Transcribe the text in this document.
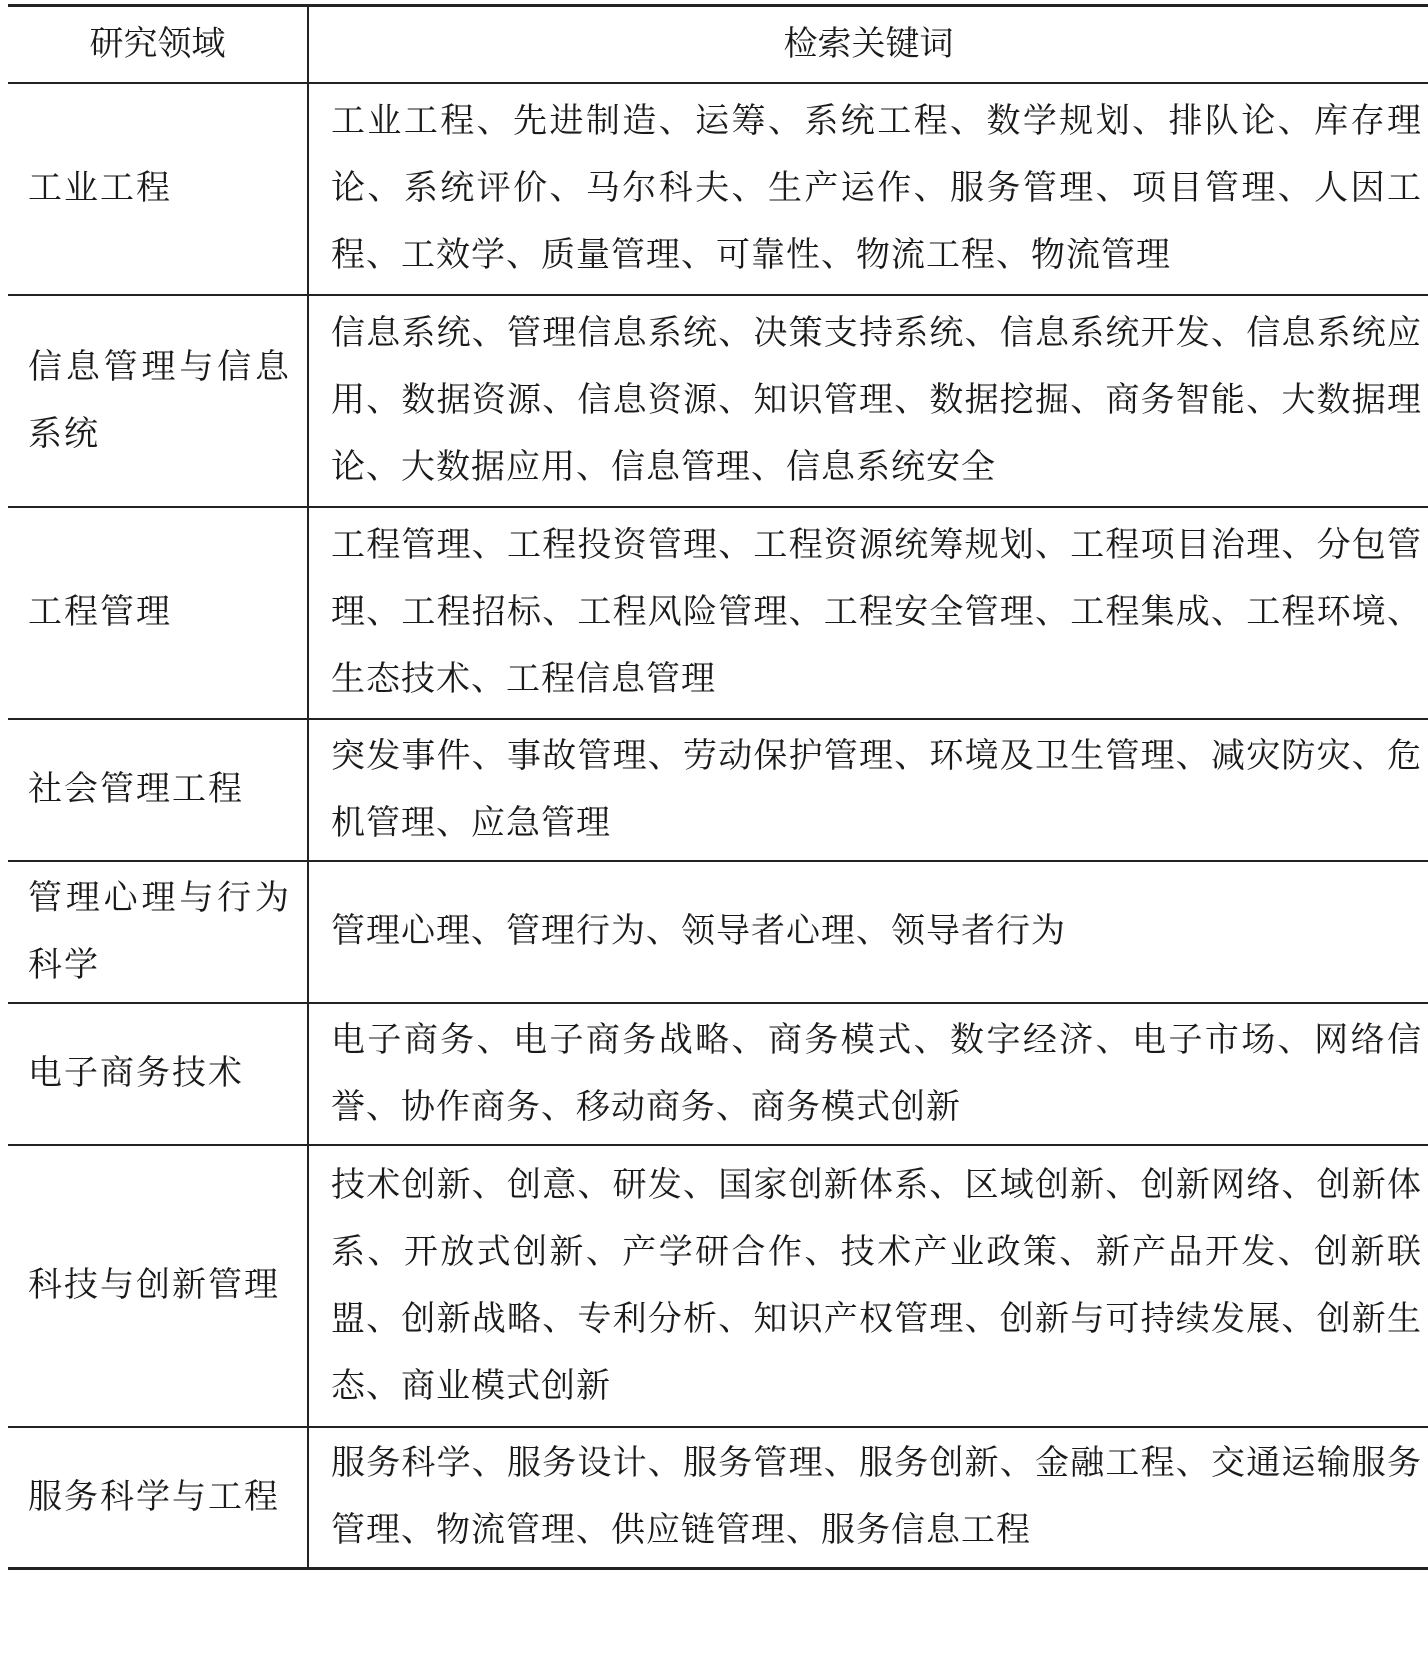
研究领域	检索关键词
工业工程	工业工程、先进制造、运筹、系统工程、数学规划、排队论、库存理论、系统评价、马尔科夫、生产运作、服务管理、项目管理、人因工程、工效学、质量管理、可靠性、物流工程、物流管理
信息管理与信息系统	信息系统、管理信息系统、决策支持系统、信息系统开发、信息系统应用、数据资源、信息资源、知识管理、数据挖掘、商务智能、大数据理论、大数据应用、信息管理、信息系统安全
工程管理	工程管理、工程投资管理、工程资源统筹规划、工程项目治理、分包管理、工程招标、工程风险管理、工程安全管理、工程集成、工程环境、生态技术、工程信息管理
社会管理工程	突发事件、事故管理、劳动保护管理、环境及卫生管理、减灾防灾、危机管理、应急管理
管理心理与行为科学	管理心理、管理行为、领导者心理、领导者行为
电子商务技术	电子商务、电子商务战略、商务模式、数字经济、电子市场、网络信誉、协作商务、移动商务、商务模式创新
科技与创新管理	技术创新、创意、研发、国家创新体系、区域创新、创新网络、创新体系、开放式创新、产学研合作、技术产业政策、新产品开发、创新联盟、创新战略、专利分析、知识产权管理、创新与可持续发展、创新生态、商业模式创新
服务科学与工程	服务科学、服务设计、服务管理、服务创新、金融工程、交通运输服务管理、物流管理、供应链管理、服务信息工程
